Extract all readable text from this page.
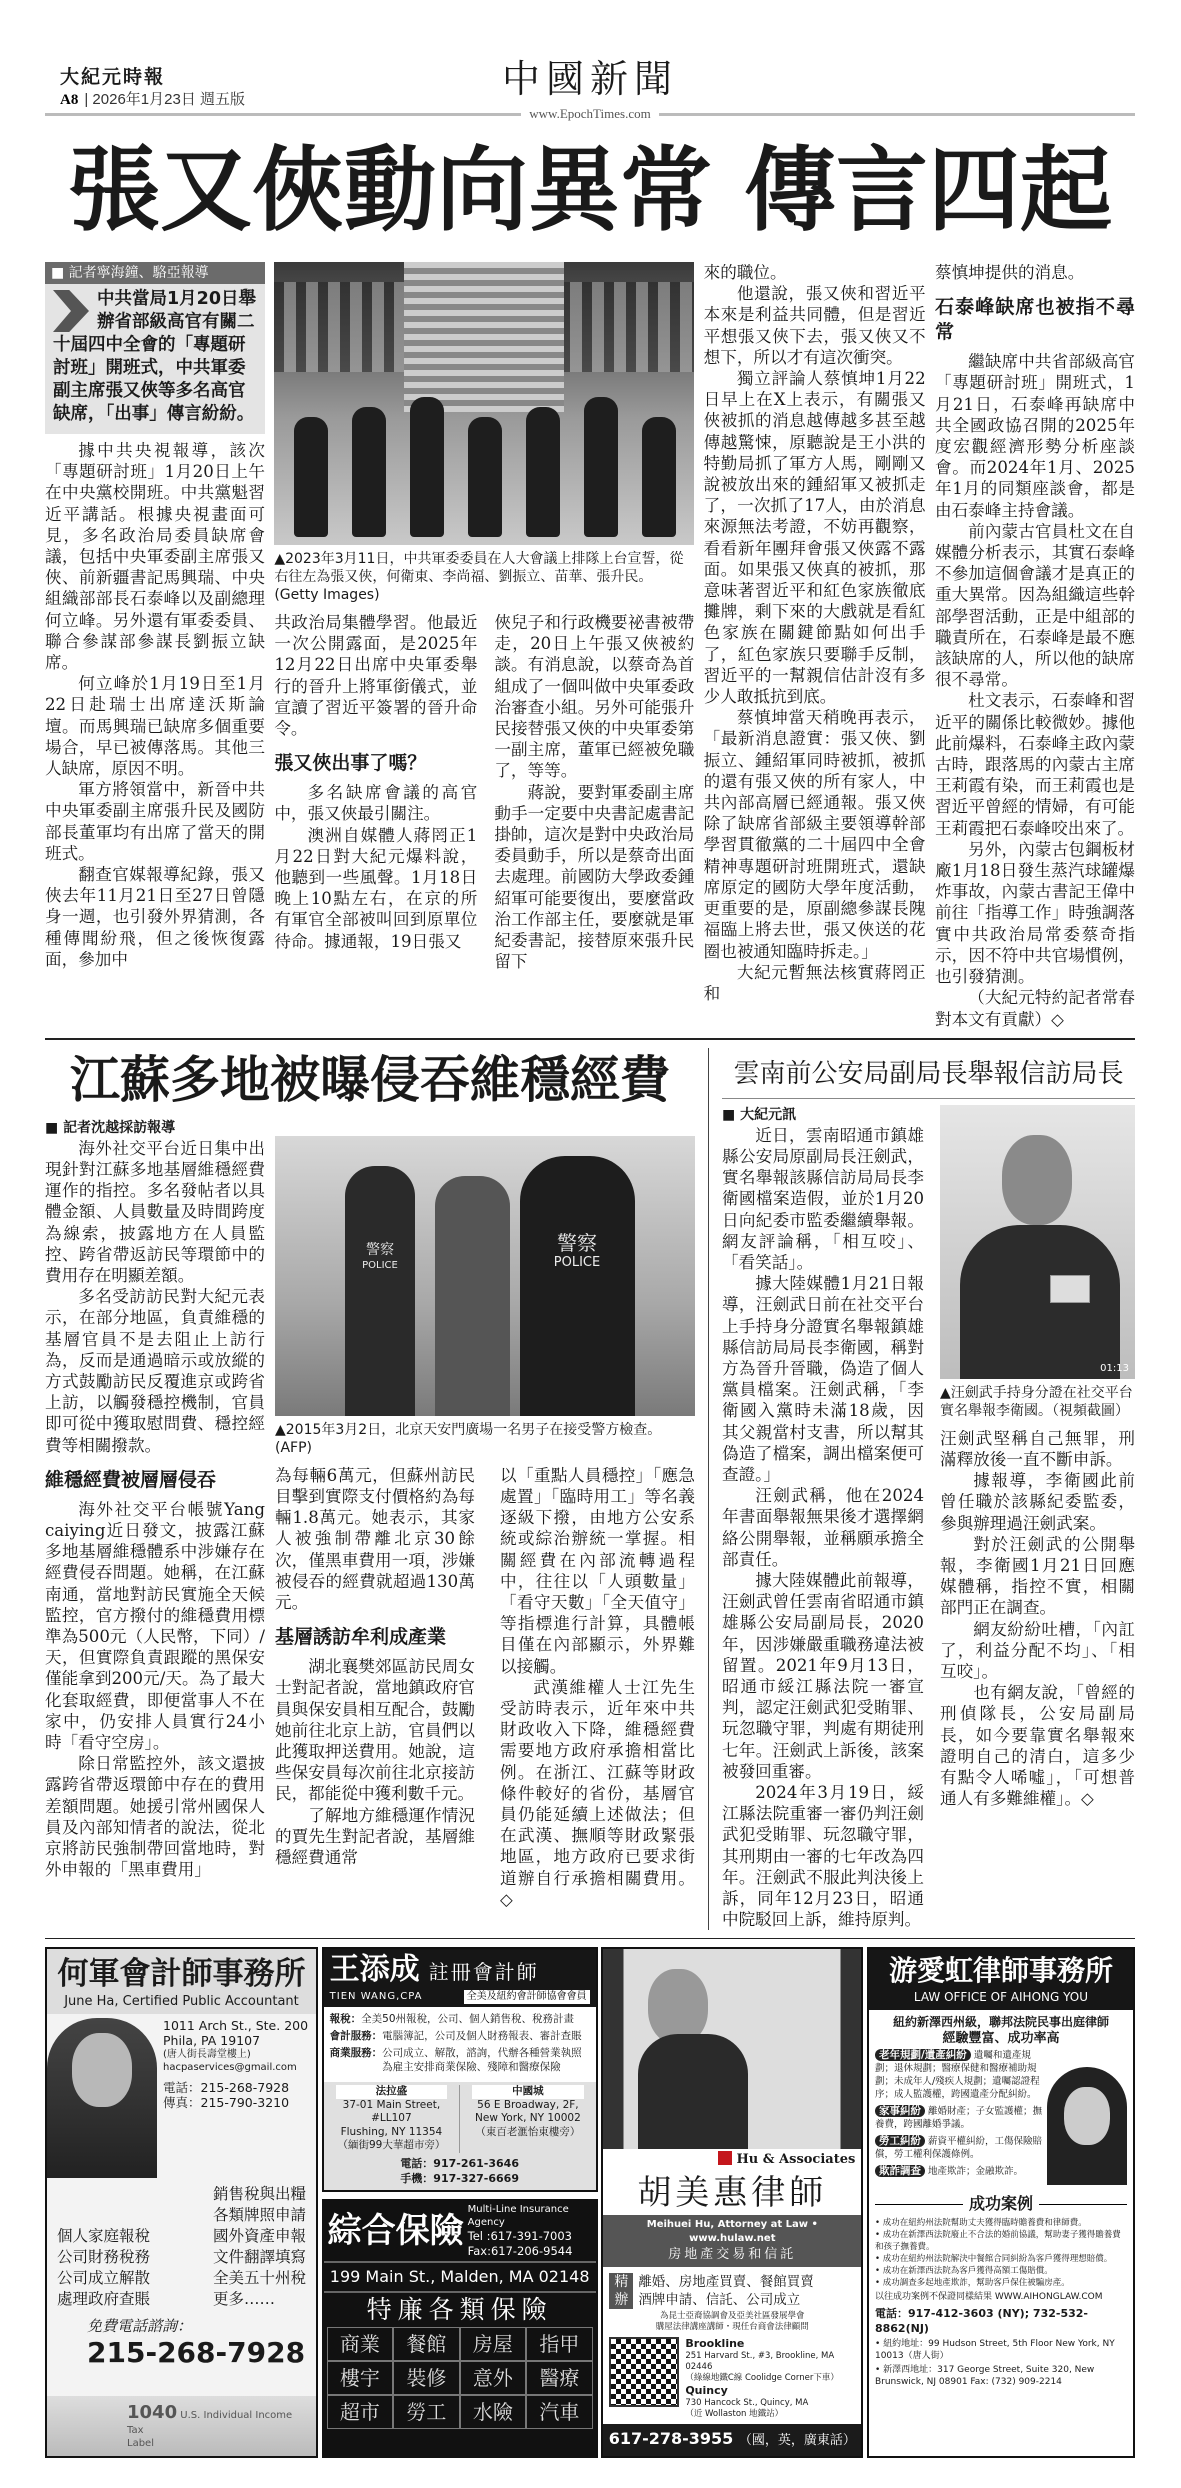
大紀元時報
A8 | 2026年1月23日 週五版	中國新聞
www.EpochTimes.com
張又俠動向異常 傳言四起
■ 記者寧海鐘、駱亞報導
中共當局1月20日舉辦省部級高官有關二十屆四中全會的「專題研討班」開班式，中共軍委副主席張又俠等多名高官缺席，「出事」傳言紛紛。

據中共央視報導，該次「專題研討班」1月20日上午在中央黨校開班。中共黨魁習近平講話。根據央視畫面可見，多名政治局委員缺席會議，包括中央軍委副主席張又俠、前新疆書記馬興瑞、中央組織部部長石泰峰以及副總理何立峰。另外還有軍委委員、聯合參謀部參謀長劉振立缺席。

何立峰於1月19日至1月22日赴瑞士出席達沃斯論壇。而馬興瑞已缺席多個重要場合，早已被傳落馬。其他三人缺席，原因不明。

軍方將領當中，新晉中共中央軍委副主席張升民及國防部長董軍均有出席了當天的開班式。

翻查官媒報導紀錄，張又俠去年11月21日至27日曾隱身一週，也引發外界猜測，各種傳聞紛飛，但之後恢復露面，參加中

▲2023年3月11日，中共軍委委員在人大會議上排隊上台宣誓，從右往左為張又俠，何衛東、李尚福、劉振立、苗華、張升民。(Getty Images)

共政治局集體學習。他最近一次公開露面，是2025年12月22日出席中央軍委舉行的晉升上將軍銜儀式，並宣讀了習近平簽署的晉升命令。

張又俠出事了嗎？

多名缺席會議的高官中，張又俠最引關注。

澳洲自媒體人蔣罔正1月22日對大紀元爆料說，他聽到一些風聲。1月18日晚上10點左右，在京的所有軍官全部被叫回到原單位待命。據通報，19日張又

俠兒子和行政機要祕書被帶走，20日上午張又俠被約談。有消息說，以蔡奇為首組成了一個叫做中央軍委政治審查小組。另外可能張升民接替張又俠的中央軍委第一副主席，董軍已經被免職了，等等。

蔣說，要對軍委副主席動手一定要中央書記處書記掛帥，這次是對中央政治局委員動手，所以是蔡奇出面去處理。前國防大學政委鍾紹軍可能要復出，要麼當政治工作部主任，要麼就是軍紀委書記，接替原來張升民留下

來的職位。

他還說，張又俠和習近平本來是利益共同體，但是習近平想張又俠下去，張又俠又不想下，所以才有這次衝突。

獨立評論人蔡慎坤1月22日早上在X上表示，有關張又俠被抓的消息越傳越多甚至越傳越驚悚，原聽說是王小洪的特勤局抓了軍方人馬，剛剛又說被放出來的鍾紹軍又被抓走了，一次抓了17人，由於消息來源無法考證，不妨再觀察，看看新年團拜會張又俠露不露面。如果張又俠真的被抓，那意味著習近平和紅色家族徹底攤牌，剩下來的大戲就是看紅色家族在關鍵節點如何出手了，紅色家族只要聯手反制，習近平的一幫親信估計沒有多少人敢抵抗到底。

蔡慎坤當天稍晚再表示，「最新消息證實：張又俠、劉振立、鍾紹軍同時被抓，被抓的還有張又俠的所有家人，中共內部高層已經通報。張又俠除了缺席省部級主要領導幹部學習貫徹黨的二十屆四中全會精神專題研討班開班式，還缺席原定的國防大學年度活動，更重要的是，原副總參謀長隗福臨上將去世，張又俠送的花圈也被通知臨時拆走。」

大紀元暫無法核實蔣罔正和

蔡慎坤提供的消息。

石泰峰缺席也被指不尋常

繼缺席中共省部級高官「專題研討班」開班式，1月21日，石泰峰再缺席中共全國政協召開的2025年度宏觀經濟形勢分析座談會。而2024年1月、2025年1月的同類座談會，都是由石泰峰主持會議。

前內蒙古官員杜文在自媒體分析表示，其實石泰峰不參加這個會議才是真正的重大異常。因為組織這些幹部學習活動，正是中組部的職責所在，石泰峰是最不應該缺席的人，所以他的缺席很不尋常。

杜文表示，石泰峰和習近平的關係比較微妙。據他此前爆料，石泰峰主政內蒙古時，跟落馬的內蒙古主席王莉霞有染，而王莉霞也是習近平曾經的情婦，有可能王莉霞把石泰峰咬出來了。

另外，內蒙古包鋼板材廠1月18日發生蒸汽球罐爆炸事故，內蒙古書記王偉中前往「指導工作」時強調落實中共政治局常委蔡奇指示，因不符中共官場慣例，也引發猜測。

（大紀元特約記者常春對本文有貢獻）◇

江蘇多地被曝侵吞維穩經費
■ 記者沈越採訪報導

海外社交平台近日集中出現針對江蘇多地基層維穩經費運作的指控。多名發帖者以具體金額、人員數量及時間跨度為線索，披露地方在人員監控、跨省帶返訪民等環節中的費用存在明顯差額。

多名受訪訪民對大紀元表示，在部分地區，負責維穩的基層官員不是去阻止上訪行為，反而是通過暗示或放縱的方式鼓勵訪民反覆進京或跨省上訪，以觸發穩控機制，官員即可從中獲取慰問費、穩控經費等相關撥款。

維穩經費被層層侵吞

海外社交平台帳號Yang caiying近日發文，披露江蘇多地基層維穩體系中涉嫌存在經費侵吞問題。她稱，在江蘇南通，當地對訪民實施全天候監控，官方撥付的維穩費用標準為500元（人民幣，下同）/天，但實際負責跟蹤的黑保安僅能拿到200元/天。為了最大化套取經費，即便當事人不在家中，仍安排人員實行24小時「看守空房」。

除日常監控外，該文還披露跨省帶返環節中存在的費用差額問題。她援引常州國保人員及內部知情者的說法，從北京將訪民強制帶回當地時，對外申報的「黑車費用」

警察
POLICE
警察
POLICE
▲2015年3月2日，北京天安門廣場一名男子在接受警方檢查。(AFP)

為每輛6萬元，但蘇州訪民目擊到實際支付價格約為每輛1.8萬元。她表示，其家人被強制帶離北京30餘次，僅黑車費用一項，涉嫌被侵吞的經費就超過130萬元。

基層誘訪牟利成產業

湖北襄樊郊區訪民周女士對記者說，當地鎮政府官員與保安員相互配合，鼓勵她前往北京上訪，官員們以此獲取押送費用。她說，這些保安員每次前往北京接訪民，都能從中獲利數千元。

了解地方維穩運作情況的賈先生對記者說，基層維穩經費通常

以「重點人員穩控」「應急處置」「臨時用工」等名義逐級下撥，由地方公安系統或綜治辦統一掌握。相關經費在內部流轉過程中，往往以「人頭數量」「看守天數」「全天值守」等指標進行計算，具體帳目僅在內部顯示，外界難以接觸。

武漢維權人士江先生受訪時表示，近年來中共財政收入下降，維穩經費需要地方政府承擔相當比例。在浙江、江蘇等財政條件較好的省份，基層官員仍能延續上述做法；但在武漢、撫順等財政緊張地區，地方政府已要求街道辦自行承擔相關費用。◇

雲南前公安局副局長舉報信訪局長
■ 大紀元訊

近日，雲南昭通市鎮雄縣公安局原副局長汪劍武，實名舉報該縣信訪局局長李衛國檔案造假，並於1月20日向紀委市監委繼續舉報。網友評論稱，「相互咬」、「看笑話」。

據大陸媒體1月21日報導，汪劍武日前在社交平台上手持身分證實名舉報鎮雄縣信訪局局長李衛國，稱對方為晉升晉職，偽造了個人黨員檔案。汪劍武稱，「李衛國入黨時未滿18歲，因其父親當村支書，所以幫其偽造了檔案，調出檔案便可查證。」

汪劍武稱，他在2024年書面舉報無果後才選擇網絡公開舉報，並稱願承擔全部責任。

據大陸媒體此前報導，汪劍武曾任雲南省昭通市鎮雄縣公安局副局長，2020年，因涉嫌嚴重職務違法被留置。2021年9月13日，昭通市綏江縣法院一審宣判，認定汪劍武犯受賄罪、玩忽職守罪，判處有期徒刑七年。汪劍武上訴後，該案被發回重審。

2024年3月19日，綏江縣法院重審一審仍判汪劍武犯受賄罪、玩忽職守罪，其刑期由一審的七年改為四年。汪劍武不服此判決後上訴，同年12月23日，昭通中院駁回上訴，維持原判。

01:13
▲汪劍武手持身分證在社交平台實名舉報李衛國。（視頻截圖）

汪劍武堅稱自己無罪，刑滿釋放後一直不斷申訴。

據報導，李衛國此前曾任職於該縣紀委監委，參與辦理過汪劍武案。

對於汪劍武的公開舉報，李衛國1月21日回應媒體稱，指控不實，相關部門正在調查。

網友紛紛吐槽，「內訌了，利益分配不均」、「相互咬」。

也有網友說，「曾經的刑偵隊長，公安局副局長，如今要靠實名舉報來證明自己的清白，這多少有點令人唏噓」，「可想普通人有多難維權」。◇

何軍會計師事務所
June Ha, Certified Public Accountant
1011 Arch St., Ste. 200
Phila, PA 19107
(唐人街長壽堂樓上)
hacpaservices@gmail.com
電話：215-268-7928
傳真：215-790-3210
個人家庭報稅
公司財務稅務
公司成立解散
處理政府查賬
銷售稅與出糧
各類牌照申請
國外資產申報
文件翻譯填寫
全美五十州稅
更多……
免費電話諮詢：
215-268-7928
1040 U.S. Individual Income Tax
Label
王添成 註冊會計師
TIEN WANG,CPA	全美及紐約會計師協會會員
報稅： 全美50州報稅，公司、個人銷售稅、稅務計畫
會計服務： 電腦簿記，公司及個人財務報表、審計查賬
商業服務： 公司成立、解散，諮詢，代辦各種營業執照 為雇主安排商業保險、殘障和醫療保險
法拉盛
37-01 Main Street, #LL107
Flushing, NY 11354
（緬街99大華超市旁）
中國城
56 E Broadway, 2F,
New York, NY 10002
（東百老滙怡東樓旁）
電話：917-261-3646
手機：917-327-6669
綜合保險
Multi-Line Insurance Agency
Tel :617-391-7003
Fax:617-206-9544
199 Main St., Malden, MA 02148
特廉各類保險
商業	餐館	房屋	指甲
樓宇	裝修	意外	醫療
超市	勞工	水險	汽車
Hu & Associates
胡美惠律師
Meihuei Hu, Attorney at Law • www.hulaw.net
房地產交易和信託
精辦
離婚、房地產買賣、餐館買賣
酒牌申請、信託、公司成立
為昆士亞裔協調會及亞美社區發展學會
購屋法律講座講師・現任台商會法律顧問
Brookline
251 Harvard St., #3, Brookline, MA 02446
（綠線地鐵C線 Coolidge Corner下車）
Quincy
730 Hancock St., Quincy, MA
（近 Wollaston 地鐵站）
617-278-3955 （國，英，廣東話）
游愛虹律師事務所
LAW OFFICE OF AIHONG YOU
紐約新澤西州級，聯邦法院民事出庭律師
經驗豐富、成功率高
老年規劃/遺產糾紛 遺囑和遺產規劃；退休規劃；醫療保健和醫療補助規劃；未成年人/殘疾人規劃；遺囑認證程序；成人監護權，跨國遺產分配糾紛。
家事糾紛 離婚財產；子女監護權；撫養費，跨國離婚爭議。
勞工糾紛 薪資平權糾紛，工傷保險賠償，勞工權利保護條例。
欺詐調查 地產欺詐；金融欺詐。
成功案例
• 成功在紐約州法院幫助丈夫獲得臨時贍養費和律師費。
• 成功在新澤西法院廢止不合法的婚前協議，幫助妻子獲得贍養費和孩子撫養費。
• 成功在紐約州法院解決中餐館合同糾紛為客戶獲得理想賠償。
• 成功在新澤西法院為客戶獲得高額工傷賠償。
• 成功調查多起地產欺詐，幫助客戶保住被騙房產。
以往成功案例不保證同樣結果 WWW.AIHONGLAW.COM
電話：917-412-3603 (NY); 732-532-8862(NJ)
• 紐約地址：99 Hudson Street, 5th Floor New York, NY 10013（唐人街）
• 新澤西地址：317 George Street, Suite 320, New Brunswick, NJ 08901 Fax: (732) 909-2214
